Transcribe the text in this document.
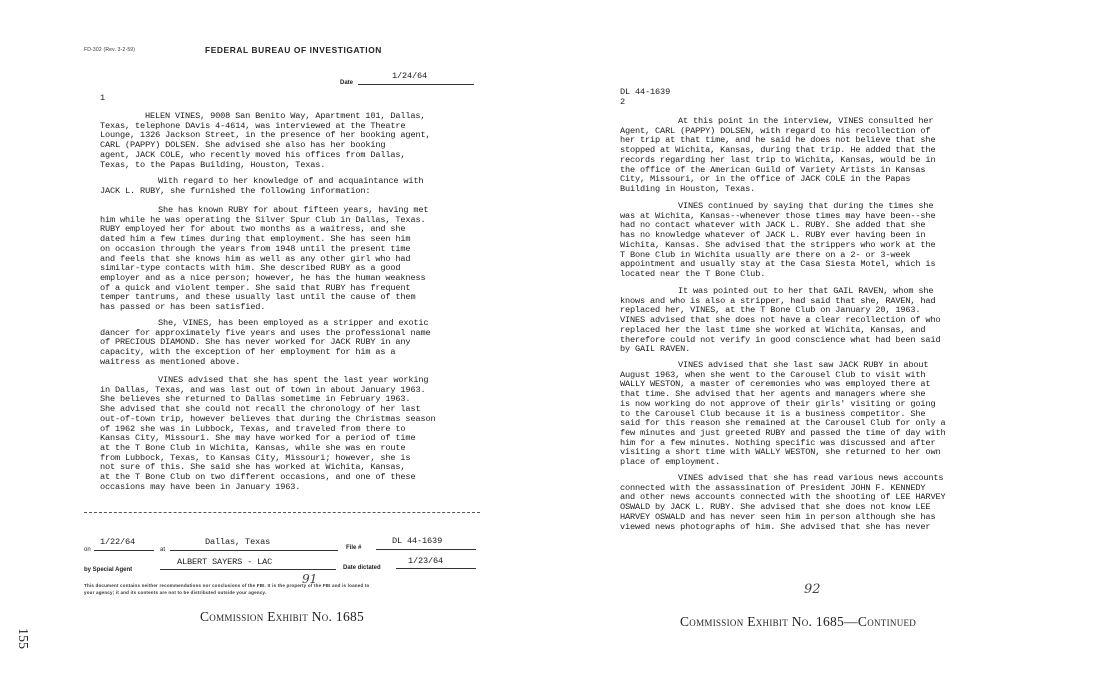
FD-302 (Rev. 3-2-59)	FEDERAL BUREAU OF INVESTIGATION
Date
1/24/64
1
HELEN VINES, 9008 San Benito Way, Apartment 101, Dallas,
Texas, telephone DAvis 4-4614, was interviewed at the Theatre
Lounge, 1326 Jackson Street, in the presence of her booking agent,
CARL (PAPPY) DOLSEN. She advised she also has her booking
agent, JACK COLE, who recently moved his offices from Dallas,
Texas, to the Papas Building, Houston, Texas.
With regard to her knowledge of and acquaintance with
JACK L. RUBY, she furnished the following information:
She has known RUBY for about fifteen years, having met
him while he was operating the Silver Spur Club in Dallas, Texas.
RUBY employed her for about two months as a waitress, and she
dated him a few times during that employment. She has seen him
on occasion through the years from 1948 until the present time
and feels that she knows him as well as any other girl who had
similar-type contacts with him. She described RUBY as a good
employer and as a nice person; however, he has the human weakness
of a quick and violent temper. She said that RUBY has frequent
temper tantrums, and these usually last until the cause of them
has passed or has been satisfied.
She, VINES, has been employed as a stripper and exotic
dancer for approximately five years and uses the professional name
of PRECIOUS DIAMOND. She has never worked for JACK RUBY in any
capacity, with the exception of her employment for him as a
waitress as mentioned above.
VINES advised that she has spent the last year working
in Dallas, Texas, and was last out of town in about January 1963.
She believes she returned to Dallas sometime in February 1963.
She advised that she could not recall the chronology of her last
out-of-town trip, however believes that during the Christmas season
of 1962 she was in Lubbock, Texas, and traveled from there to
Kansas City, Missouri. She may have worked for a period of time
at the T Bone Club in Wichita, Kansas, while she was en route
from Lubbock, Texas, to Kansas City, Missouri; however, she is
not sure of this. She said she has worked at Wichita, Kansas,
at the T Bone Club on two different occasions, and one of these
occasions may have been in January 1963.
on
1/22/64
at
Dallas, Texas
File #
DL 44-1639
by Special Agent
ALBERT SAYERS - LAC
Date dictated
1/23/64
91
This document contains neither recommendations nor conclusions of the FBI. It is the property of the FBI and is loaned to
your agency; it and its contents are not to be distributed outside your agency.
Commission Exhibit No. 1685
155
DL 44-1639
2
At this point in the interview, VINES consulted her
Agent, CARL (PAPPY) DOLSEN, with regard to his recollection of
her trip at that time, and he said he does not believe that she
stopped at Wichita, Kansas, during that trip. He added that the
records regarding her last trip to Wichita, Kansas, would be in
the office of the American Guild of Variety Artists in Kansas
City, Missouri, or in the office of JACK COLE in the Papas
Building in Houston, Texas.
VINES continued by saying that during the times she
was at Wichita, Kansas--whenever those times may have been--she
had no contact whatever with JACK L. RUBY. She added that she
has no knowledge whatever of JACK L. RUBY ever having been in
Wichita, Kansas. She advised that the strippers who work at the
T Bone Club in Wichita usually are there on a 2- or 3-week
appointment and usually stay at the Casa Siesta Motel, which is
located near the T Bone Club.
It was pointed out to her that GAIL RAVEN, whom she
knows and who is also a stripper, had said that she, RAVEN, had
replaced her, VINES, at the T Bone Club on January 20, 1963.
VINES advised that she does not have a clear recollection of who
replaced her the last time she worked at Wichita, Kansas, and
therefore could not verify in good conscience what had been said
by GAIL RAVEN.
VINES advised that she last saw JACK RUBY in about
August 1963, when she went to the Carousel Club to visit with
WALLY WESTON, a master of ceremonies who was employed there at
that time. She advised that her agents and managers where she
is now working do not approve of their girls' visiting or going
to the Carousel Club because it is a business competitor. She
said for this reason she remained at the Carousel Club for only a
few minutes and just greeted RUBY and passed the time of day with
him for a few minutes. Nothing specific was discussed and after
visiting a short time with WALLY WESTON, she returned to her own
place of employment.
VINES advised that she has read various news accounts
connected with the assassination of President JOHN F. KENNEDY
and other news accounts connected with the shooting of LEE HARVEY
OSWALD by JACK L. RUBY. She advised that she does not know LEE
HARVEY OSWALD and has never seen him in person although she has
viewed news photographs of him. She advised that she has never
92
Commission Exhibit No. 1685—Continued
